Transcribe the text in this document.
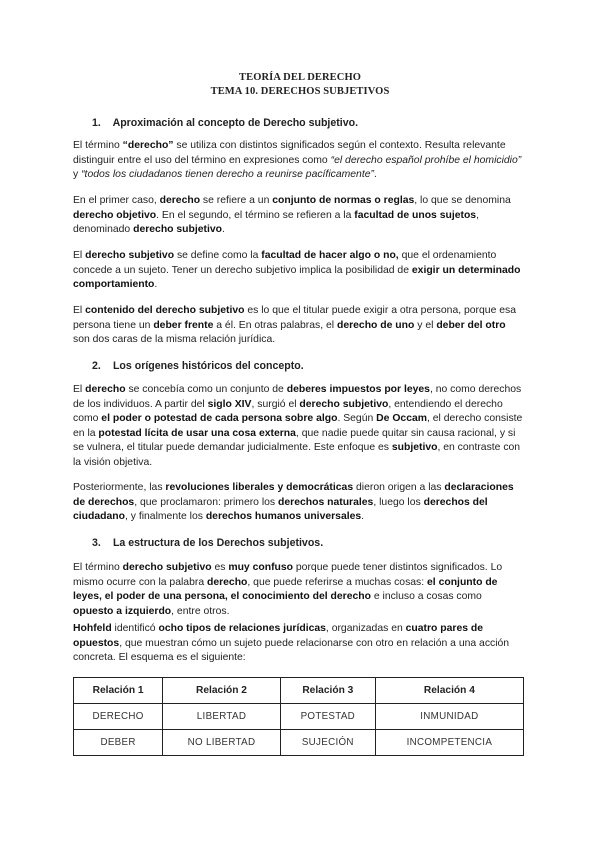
TEORÍA DEL DERECHO
TEMA 10. DERECHOS SUBJETIVOS
1. Aproximación al concepto de Derecho subjetivo.
El término “derecho” se utiliza con distintos significados según el contexto. Resulta relevante distinguir entre el uso del término en expresiones como “el derecho español prohíbe el homicidio” y “todos los ciudadanos tienen derecho a reunirse pacíficamente”.
En el primer caso, derecho se refiere a un conjunto de normas o reglas, lo que se denomina derecho objetivo. En el segundo, el término se refieren a la facultad de unos sujetos, denominado derecho subjetivo.
El derecho subjetivo se define como la facultad de hacer algo o no, que el ordenamiento concede a un sujeto. Tener un derecho subjetivo implica la posibilidad de exigir un determinado comportamiento.
El contenido del derecho subjetivo es lo que el titular puede exigir a otra persona, porque esa persona tiene un deber frente a él. En otras palabras, el derecho de uno y el deber del otro son dos caras de la misma relación jurídica.
2. Los orígenes históricos del concepto.
El derecho se concebía como un conjunto de deberes impuestos por leyes, no como derechos de los individuos. A partir del siglo XIV, surgió el derecho subjetivo, entendiendo el derecho como el poder o potestad de cada persona sobre algo. Según De Occam, el derecho consiste en la potestad lícita de usar una cosa externa, que nadie puede quitar sin causa racional, y si se vulnera, el titular puede demandar judicialmente. Este enfoque es subjetivo, en contraste con la visión objetiva.
Posteriormente, las revoluciones liberales y democráticas dieron origen a las declaraciones de derechos, que proclamaron: primero los derechos naturales, luego los derechos del ciudadano, y finalmente los derechos humanos universales.
3. La estructura de los Derechos subjetivos.
El término derecho subjetivo es muy confuso porque puede tener distintos significados. Lo mismo ocurre con la palabra derecho, que puede referirse a muchas cosas: el conjunto de leyes, el poder de una persona, el conocimiento del derecho e incluso a cosas como opuesto a izquierdo, entre otros.
Hohfeld identificó ocho tipos de relaciones jurídicas, organizadas en cuatro pares de opuestos, que muestran cómo un sujeto puede relacionarse con otro en relación a una acción concreta. El esquema es el siguiente:
Relación 1	Relación 2	Relación 3	Relación 4
DERECHO	LIBERTAD	POTESTAD	INMUNIDAD
DEBER	NO LIBERTAD	SUJECIÓN	INCOMPETENCIA
